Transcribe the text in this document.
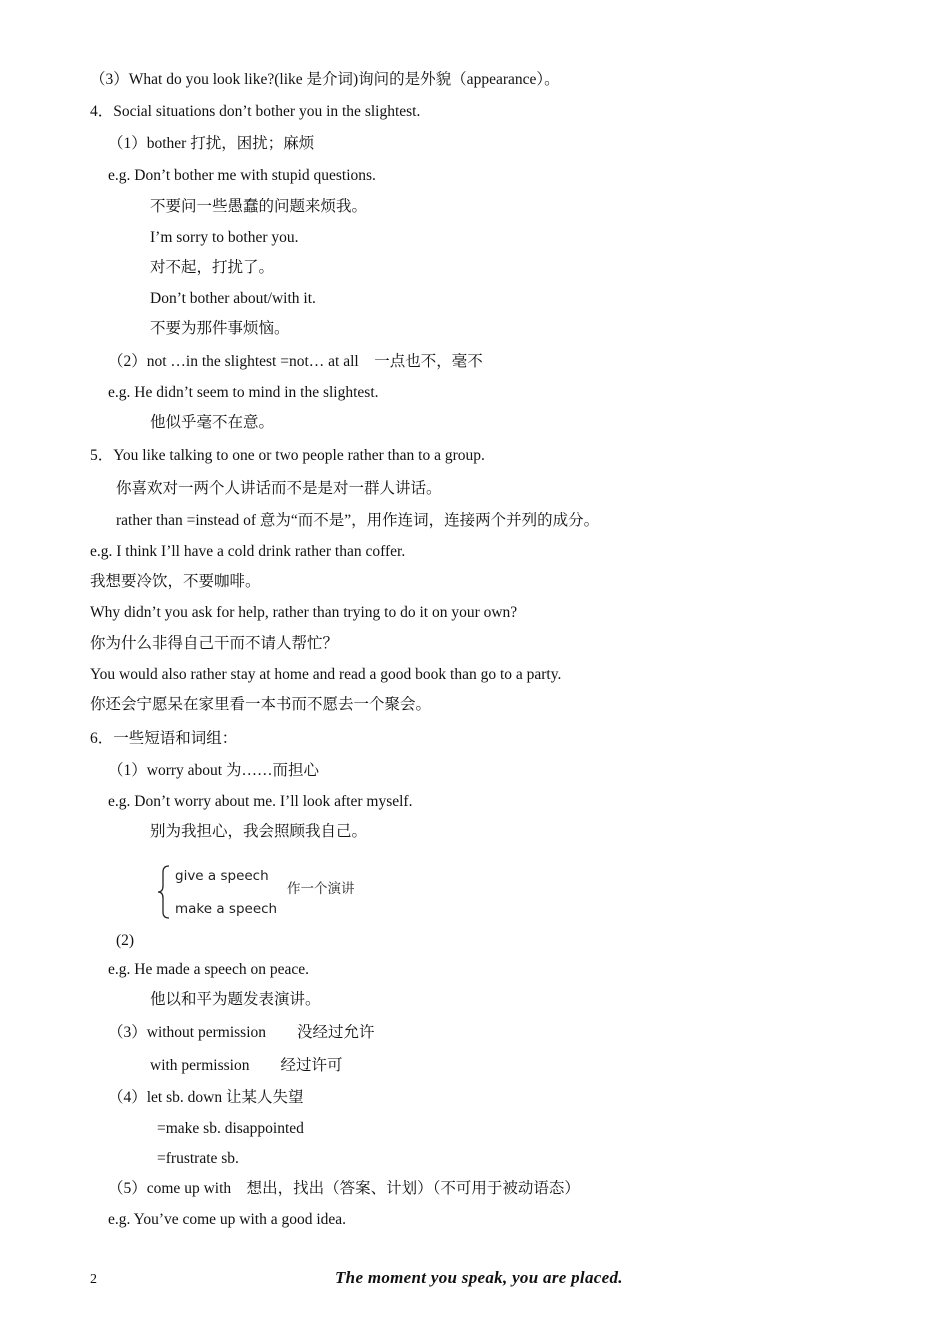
（3）What do you look like?(like 是介词)询问的是外貌（appearance）。
4．Social situations don’t bother you in the slightest.
（1）bother 打扰，困扰；麻烦
e.g. Don’t bother me with stupid questions.
不要问一些愚蠢的问题来烦我。
I’m sorry to bother you.
对不起，打扰了。
Don’t bother about/with it.
不要为那件事烦恼。
（2）not …in the slightest =not… at all　一点也不，毫不
e.g. He didn’t seem to mind in the slightest.
他似乎毫不在意。
5．You like talking to one or two people rather than to a group.
你喜欢对一两个人讲话而不是是对一群人讲话。
rather than =instead of 意为“而不是”，用作连词，连接两个并列的成分。
e.g. I think I’ll have a cold drink rather than coffer.
我想要冷饮，不要咖啡。
Why didn’t you ask for help, rather than trying to do it on your own?
你为什么非得自己干而不请人帮忙？
You would also rather stay at home and read a good book than go to a party.
你还会宁愿呆在家里看一本书而不愿去一个聚会。
6．一些短语和词组：
（1）worry about 为……而担心
e.g. Don’t worry about me. I’ll look after myself.
别为我担心，我会照顾我自己。
give a speech
make a speech
作一个演讲
(2)
e.g. He made a speech on peace.
他以和平为题发表演讲。
（3）without permission　　没经过允许
with permission　　经过许可
（4）let sb. down 让某人失望
=make sb. disappointed
=frustrate sb.
（5）come up with　想出，找出（答案、计划）（不可用于被动语态）
e.g. You’ve come up with a good idea.
2	The moment you speak, you are placed.
